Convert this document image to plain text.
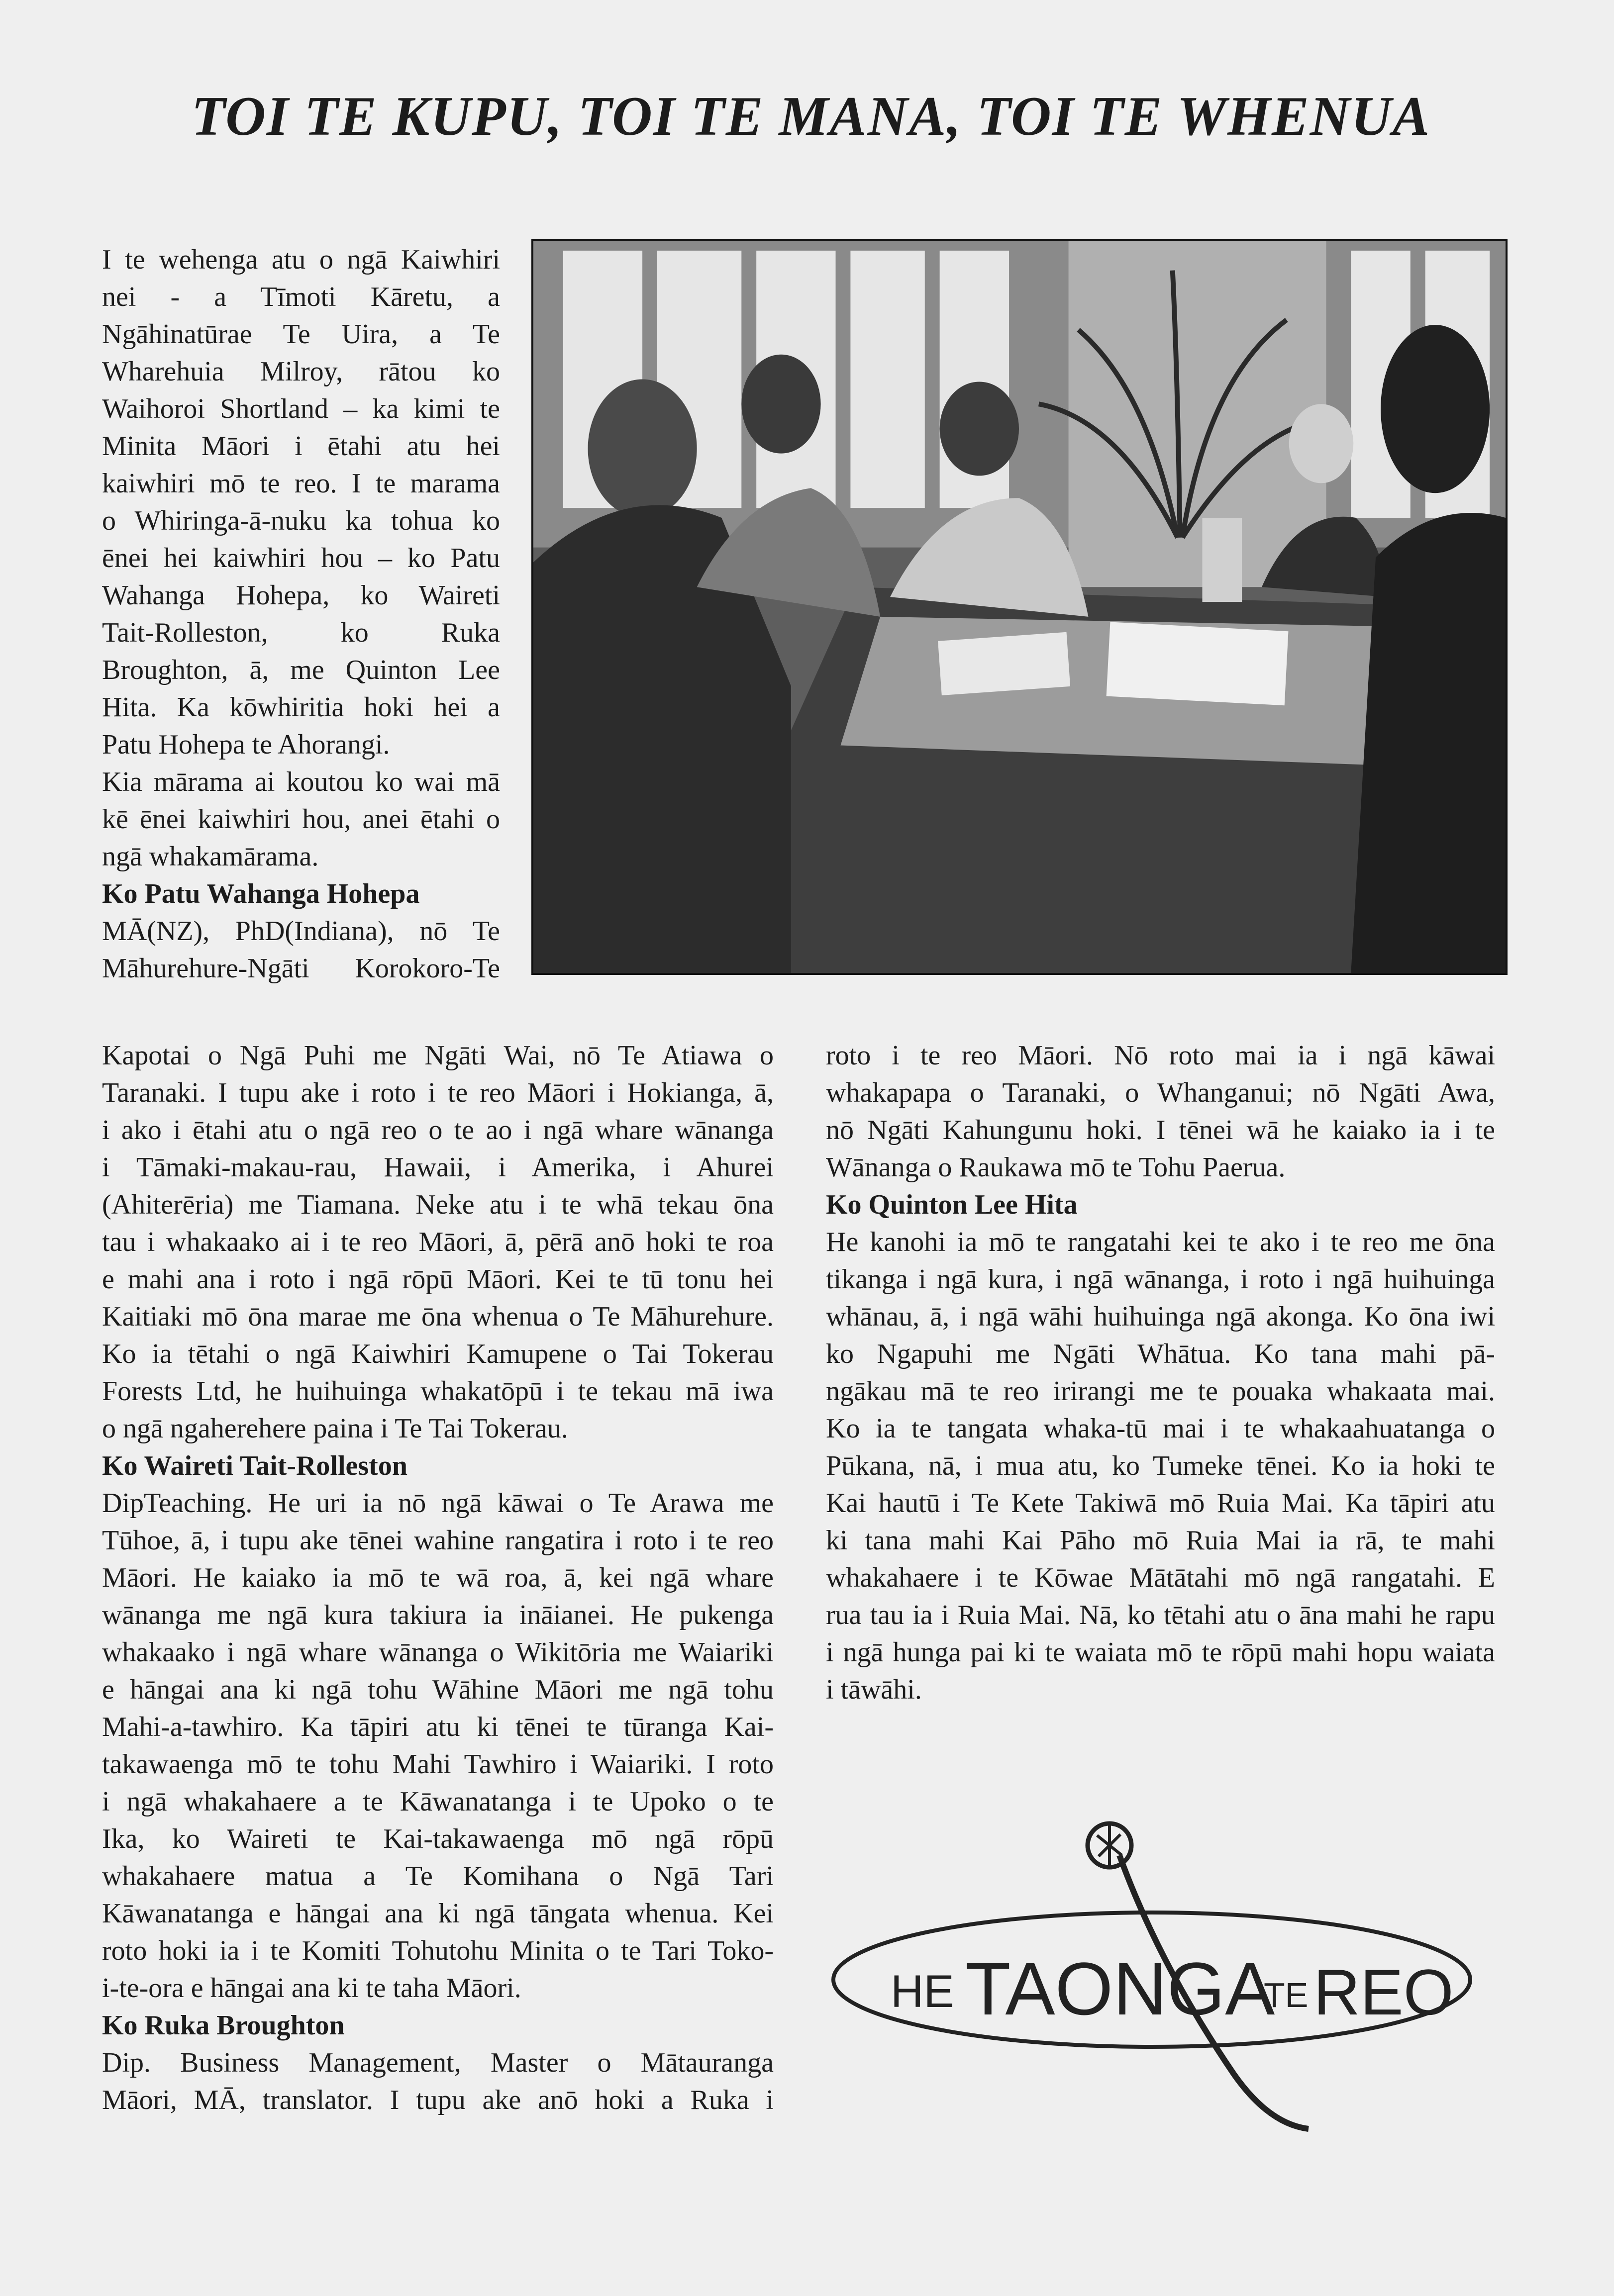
TOI TE KUPU, TOI TE MANA, TOI TE WHENUA

I te wehenga atu o ngā Kaiwhiri

nei - a Tīmoti Kāretu, a

Ngāhinatūrae Te Uira, a Te

Wharehuia Milroy, rātou ko

Waihoroi Shortland – ka kimi te

Minita Māori i ētahi atu hei

kaiwhiri mō te reo. I te marama

o Whiringa-ā-nuku ka tohua ko

ēnei hei kaiwhiri hou – ko Patu

Wahanga Hohepa, ko Waireti

Tait-Rolleston, ko Ruka

Broughton, ā, me Quinton Lee

Hita. Ka kōwhiritia hoki hei a

Patu Hohepa te Ahorangi.

Kia mārama ai koutou ko wai mā

kē ēnei kaiwhiri hou, anei ētahi o

ngā whakamārama.

Ko Patu Wahanga Hohepa

MĀ(NZ), PhD(Indiana), nō Te

Māhurehure-Ngāti Korokoro-Te

Kapotai o Ngā Puhi me Ngāti Wai, nō Te Atiawa o

Taranaki. I tupu ake i roto i te reo Māori i Hokianga, ā,

i ako i ētahi atu o ngā reo o te ao i ngā whare wānanga

i Tāmaki-makau-rau, Hawaii, i Amerika, i Ahurei

(Ahiterēria) me Tiamana. Neke atu i te whā tekau ōna

tau i whakaako ai i te reo Māori, ā, pērā anō hoki te roa

e mahi ana i roto i ngā rōpū Māori. Kei te tū tonu hei

Kaitiaki mō ōna marae me ōna whenua o Te Māhurehure.

Ko ia tētahi o ngā Kaiwhiri Kamupene o Tai Tokerau

Forests Ltd, he huihuinga whakatōpū i te tekau mā iwa

o ngā ngaherehere paina i Te Tai Tokerau.

Ko Waireti Tait-Rolleston

DipTeaching. He uri ia nō ngā kāwai o Te Arawa me

Tūhoe, ā, i tupu ake tēnei wahine rangatira i roto i te reo

Māori. He kaiako ia mō te wā roa, ā, kei ngā whare

wānanga me ngā kura takiura ia ināianei. He pukenga

whakaako i ngā whare wānanga o Wikitōria me Waiariki

e hāngai ana ki ngā tohu Wāhine Māori me ngā tohu

Mahi-a-tawhiro. Ka tāpiri atu ki tēnei te tūranga Kai-

takawaenga mō te tohu Mahi Tawhiro i Waiariki. I roto

i ngā whakahaere a te Kāwanatanga i te Upoko o te

Ika, ko Waireti te Kai-takawaenga mō ngā rōpū

whakahaere matua a Te Komihana o Ngā Tari

Kāwanatanga e hāngai ana ki ngā tāngata whenua. Kei

roto hoki ia i te Komiti Tohutohu Minita o te Tari Toko-

i-te-ora e hāngai ana ki te taha Māori.

Ko Ruka Broughton

Dip. Business Management, Master o Mātauranga

Māori, MĀ, translator. I tupu ake anō hoki a Ruka i

roto i te reo Māori. Nō roto mai ia i ngā kāwai

whakapapa o Taranaki, o Whanganui; nō Ngāti Awa,

nō Ngāti Kahungunu hoki. I tēnei wā he kaiako ia i te

Wānanga o Raukawa mō te Tohu Paerua.

Ko Quinton Lee Hita

He kanohi ia mō te rangatahi kei te ako i te reo me ōna

tikanga i ngā kura, i ngā wānanga, i roto i ngā huihuinga

whānau, ā, i ngā wāhi huihuinga ngā akonga. Ko ōna iwi

ko Ngapuhi me Ngāti Whātua. Ko tana mahi pā-

ngākau mā te reo irirangi me te pouaka whakaata mai.

Ko ia te tangata whaka-tū mai i te whakaahuatanga o

Pūkana, nā, i mua atu, ko Tumeke tēnei. Ko ia hoki te

Kai hautū i Te Kete Takiwā mō Ruia Mai. Ka tāpiri atu

ki tana mahi Kai Pāho mō Ruia Mai ia rā, te mahi

whakahaere i te Kōwae Mātātahi mō ngā rangatahi. E

rua tau ia i Ruia Mai. Nā, ko tētahi atu o āna mahi he rapu

i ngā hunga pai ki te waiata mō te rōpū mahi hopu waiata

i tāwāhi.

HE TAONGA
TE REO
